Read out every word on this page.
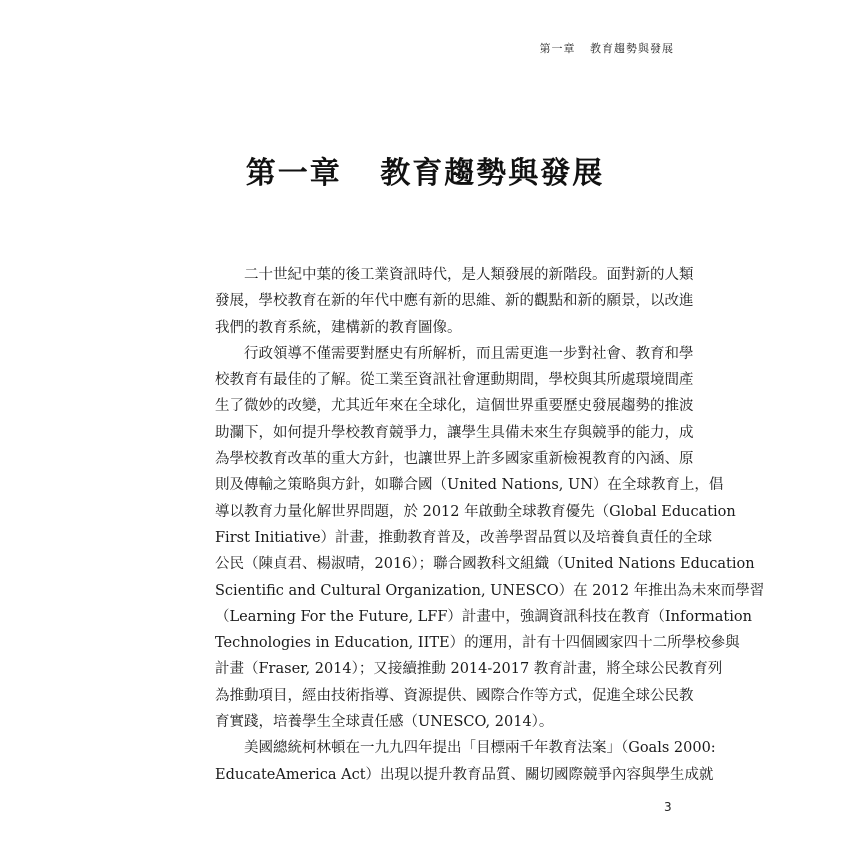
第一章 教育趨勢與發展
第一章 教育趨勢與發展
二十世紀中葉的後工業資訊時代，是人類發展的新階段。面對新的人類
發展，學校教育在新的年代中應有新的思維、新的觀點和新的願景，以改進
我們的教育系統，建構新的教育圖像。
行政領導不僅需要對歷史有所解析，而且需更進一步對社會、教育和學
校教育有最佳的了解。從工業至資訊社會運動期間，學校與其所處環境間產
生了微妙的改變，尤其近年來在全球化，這個世界重要歷史發展趨勢的推波
助瀾下，如何提升學校教育競爭力，讓學生具備未來生存與競爭的能力，成
為學校教育改革的重大方針，也讓世界上許多國家重新檢視教育的內涵、原
則及傳輸之策略與方針，如聯合國（United Nations, UN）在全球教育上，倡
導以教育力量化解世界問題，於 2012 年啟動全球教育優先（Global Education
First Initiative）計畫，推動教育普及，改善學習品質以及培養負責任的全球
公民（陳貞君、楊淑晴，2016）；聯合國教科文組織（United Nations Education
Scientific and Cultural Organization, UNESCO）在 2012 年推出為未來而學習
（Learning For the Future, LFF）計畫中，強調資訊科技在教育（Information
Technologies in Education, IITE）的運用，計有十四個國家四十二所學校參與
計畫（Fraser, 2014）；又接續推動 2014-2017 教育計畫，將全球公民教育列
為推動項目，經由技術指導、資源提供、國際合作等方式，促進全球公民教
育實踐，培養學生全球責任感（UNESCO, 2014）。
美國總統柯林頓在一九九四年提出「目標兩千年教育法案」（Goals 2000:
EducateAmerica Act）出現以提升教育品質、關切國際競爭內容與學生成就
3
